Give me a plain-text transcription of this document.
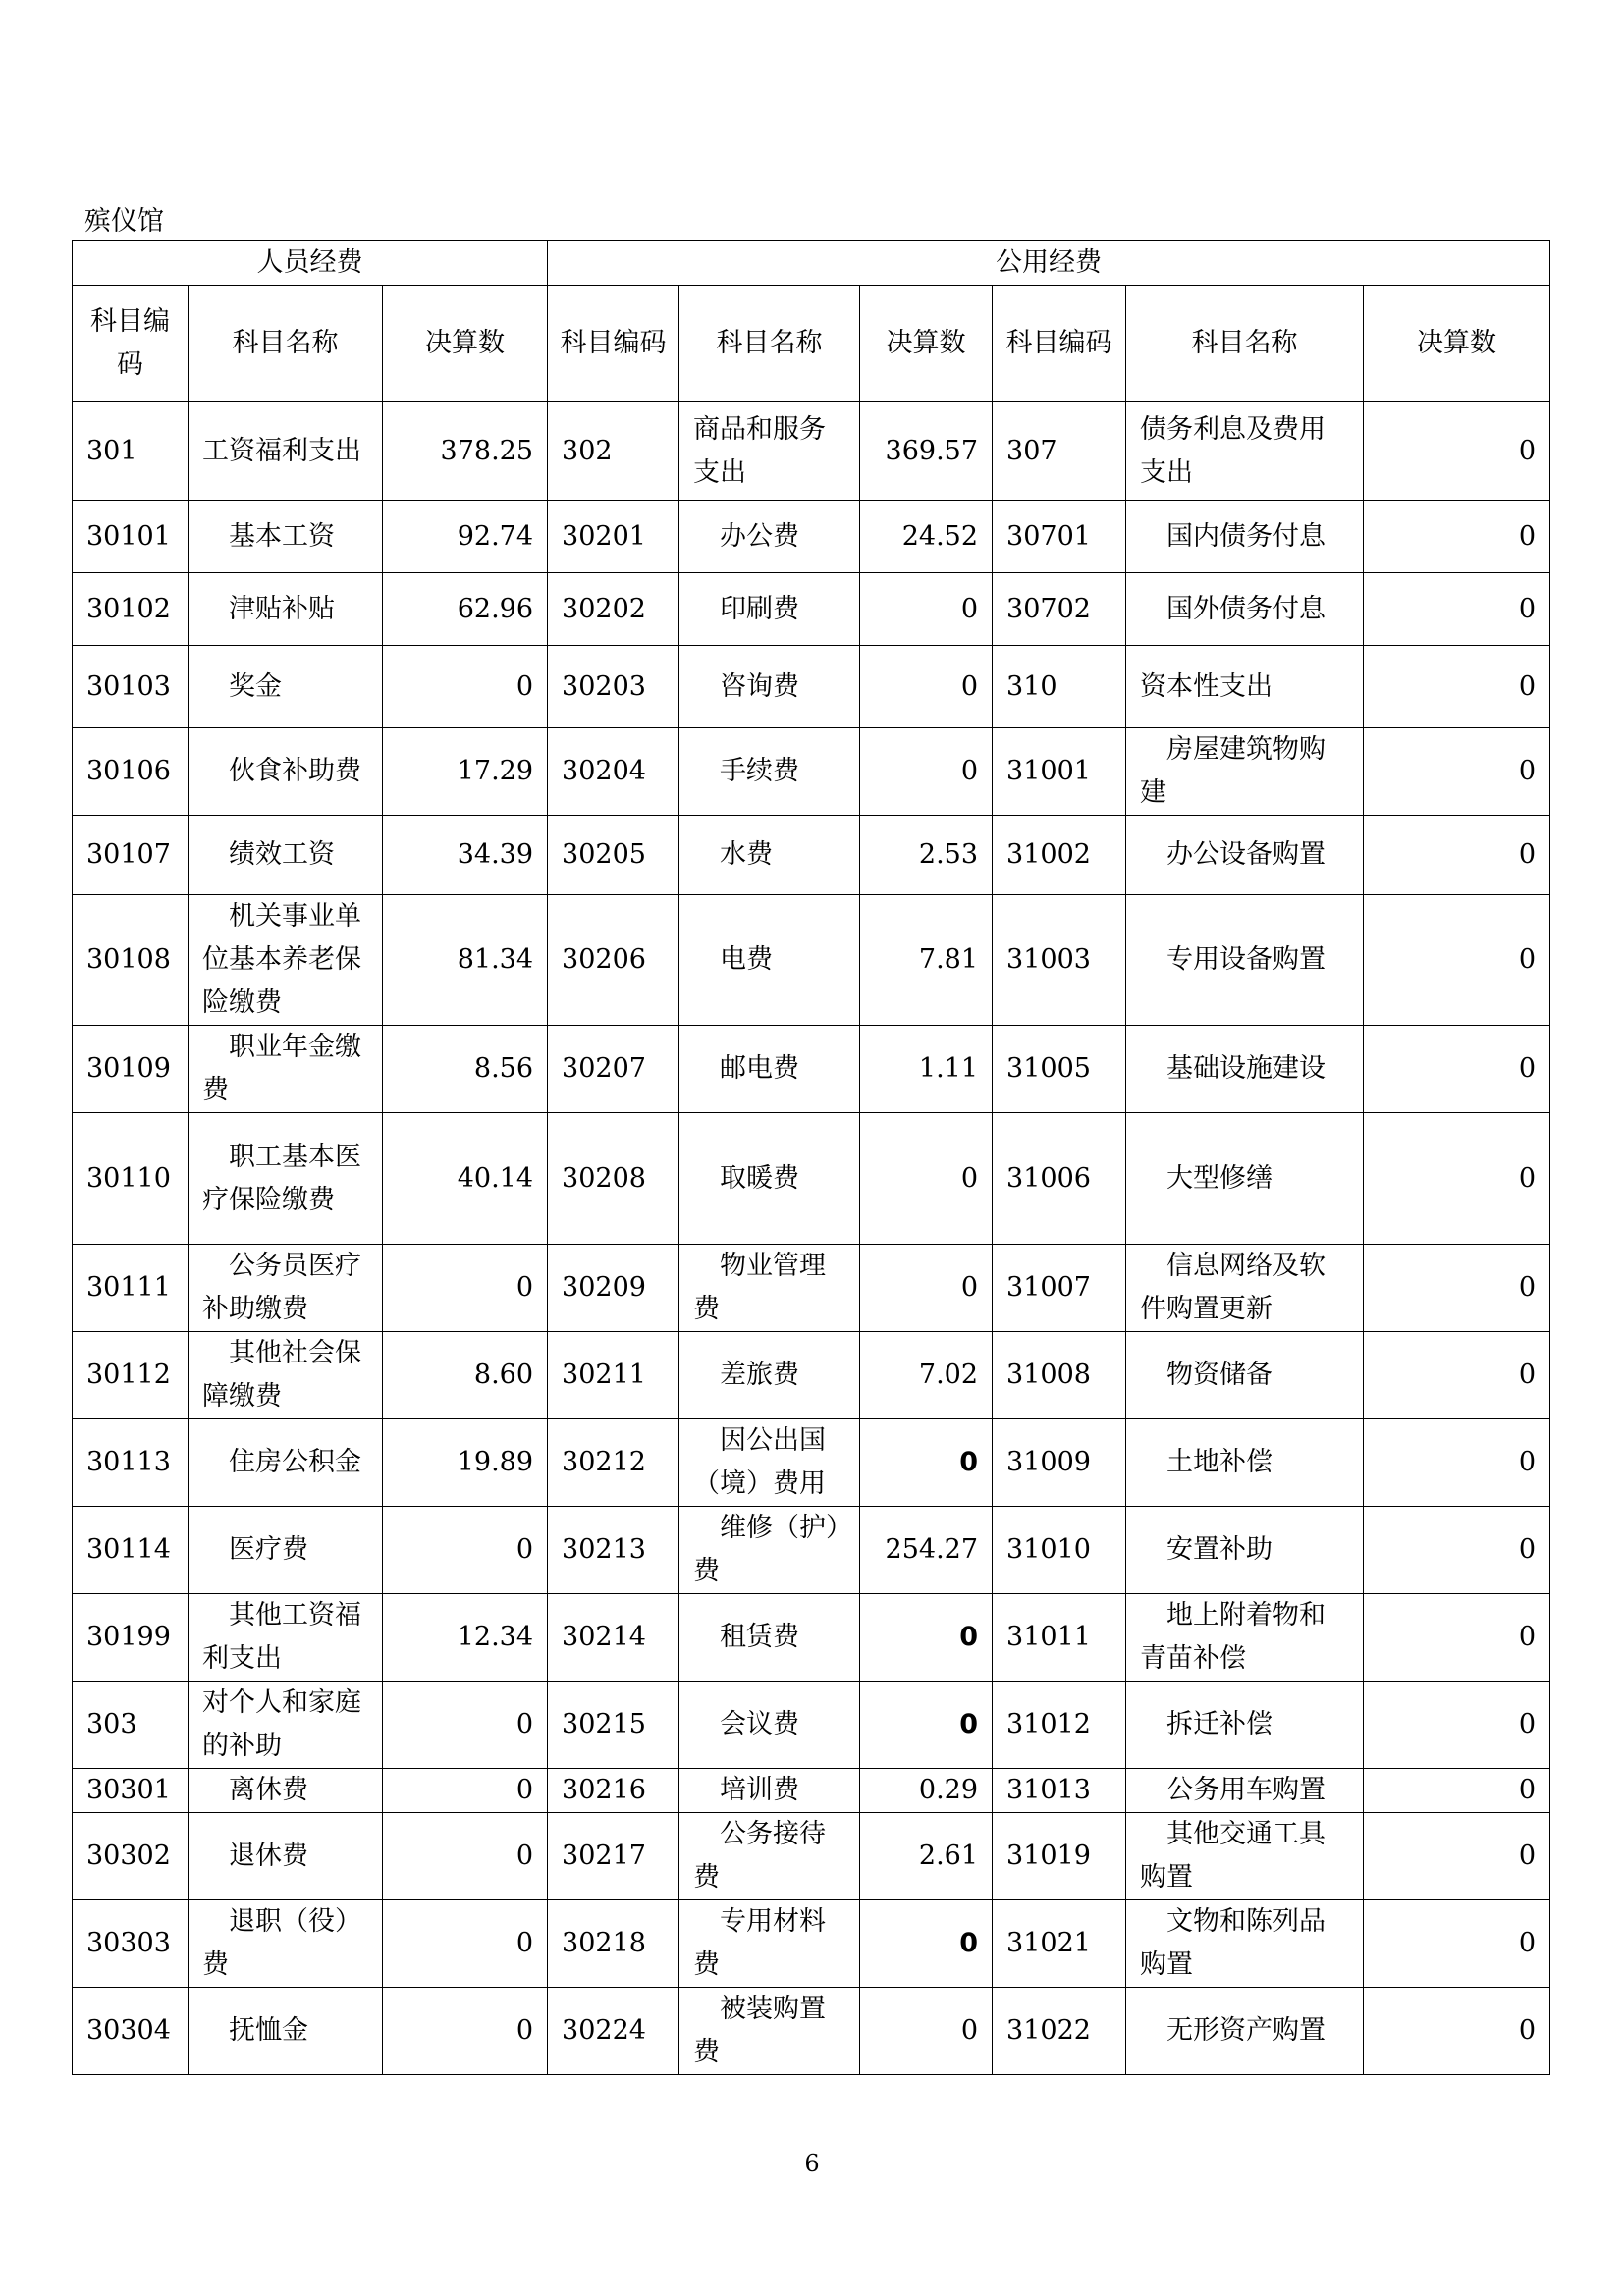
殡仪馆
人员经费			公用经费					
科目编码	科目名称	决算数	科目编码	科目名称	决算数	科目编码	科目名称	决算数
301	工资福利支出	378.25	302	商品和服务支出	369.57	307	债务利息及费用支出	0
30101	基本工资	92.74	30201	办公费	24.52	30701	国内债务付息	0
30102	津贴补贴	62.96	30202	印刷费	0	30702	国外债务付息	0
30103	奖金	0	30203	咨询费	0	310	资本性支出	0
30106	伙食补助费	17.29	30204	手续费	0	31001	房屋建筑物购建	0
30107	绩效工资	34.39	30205	水费	2.53	31002	办公设备购置	0
30108	机关事业单位基本养老保险缴费	81.34	30206	电费	7.81	31003	专用设备购置	0
30109	职业年金缴费	8.56	30207	邮电费	1.11	31005	基础设施建设	0
30110	职工基本医疗保险缴费	40.14	30208	取暖费	0	31006	大型修缮	0
30111	公务员医疗补助缴费	0	30209	物业管理费	0	31007	信息网络及软件购置更新	0
30112	其他社会保障缴费	8.60	30211	差旅费	7.02	31008	物资储备	0
30113	住房公积金	19.89	30212	因公出国（境）费用	0	31009	土地补偿	0
30114	医疗费	0	30213	维修（护）费	254.27	31010	安置补助	0
30199	其他工资福利支出	12.34	30214	租赁费	0	31011	地上附着物和青苗补偿	0
303	对个人和家庭的补助	0	30215	会议费	0	31012	拆迁补偿	0
30301	离休费	0	30216	培训费	0.29	31013	公务用车购置	0
30302	退休费	0	30217	公务接待费	2.61	31019	其他交通工具购置	0
30303	退职（役）费	0	30218	专用材料费	0	31021	文物和陈列品购置	0
30304	抚恤金	0	30224	被装购置费	0	31022	无形资产购置	0
6
